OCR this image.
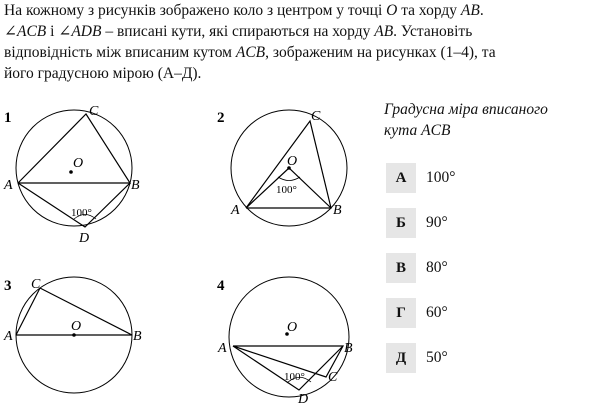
На кожному з рисунків зображено коло з центром у точці O та хорду AB.
∠ACB і ∠ADB – вписані кути, які спираються на хорду AB. Установіть
відповідність між вписаним кутом ACB, зображеним на рисунках (1–4), та
його градусною мірою (А–Д).
1
O
A	B
C
D
100°
2
O
A	B
C
100°
3
O
A	B
C	4
O
A	B
C
D
100°
Градусна міра вписаного
кута ACB
А	100°
Б	90°
В	80°
Г	60°
Д	50°
